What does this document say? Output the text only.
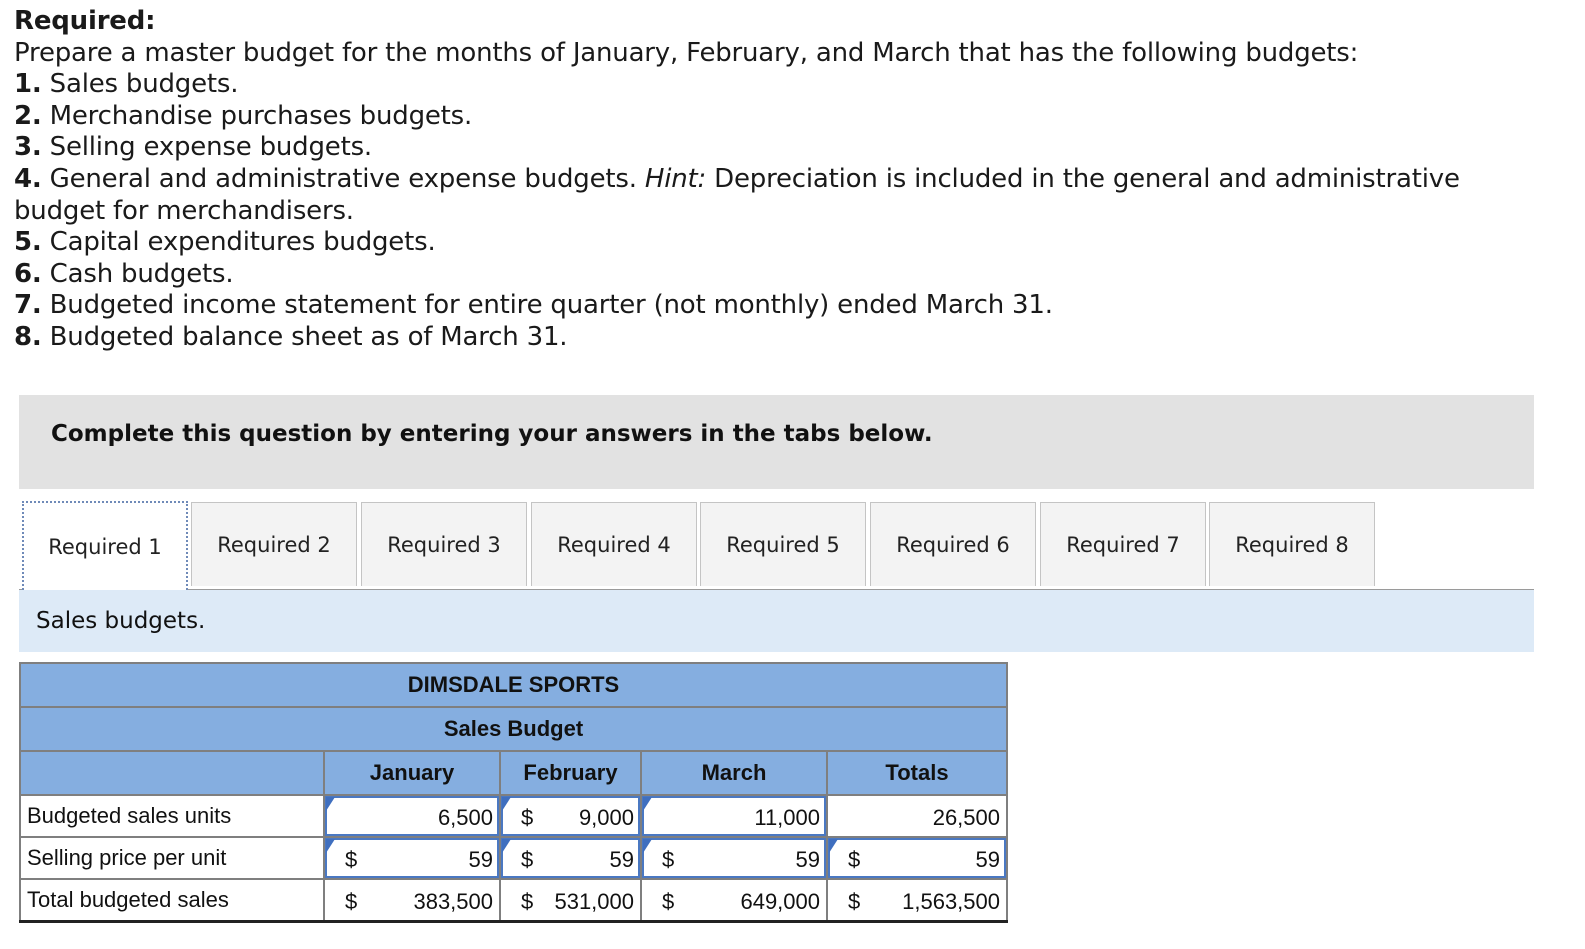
Required:
Prepare a master budget for the months of January, February, and March that has the following budgets:
1. Sales budgets.
2. Merchandise purchases budgets.
3. Selling expense budgets.
4. General and administrative expense budgets. Hint: Depreciation is included in the general and administrative budget for merchandisers.
5. Capital expenditures budgets.
6. Cash budgets.
7. Budgeted income statement for entire quarter (not monthly) ended March 31.
8. Budgeted balance sheet as of March 31.
Complete this question by entering your answers in the tabs below.
Required 1	Required 2	Required 3	Required 4	Required 5	Required 6	Required 7	Required 8
Sales budgets.
DIMSDALE SPORTS				
Sales Budget				
	January	February	March	Totals
Budgeted sales units	6,500	$ 9,000	11,000	26,500

Selling price per unit	$ 59	$ 59	$ 59	$ 59

Total budgeted sales	$ 383,500	$ 531,000	$ 649,000	$ 1,563,500
